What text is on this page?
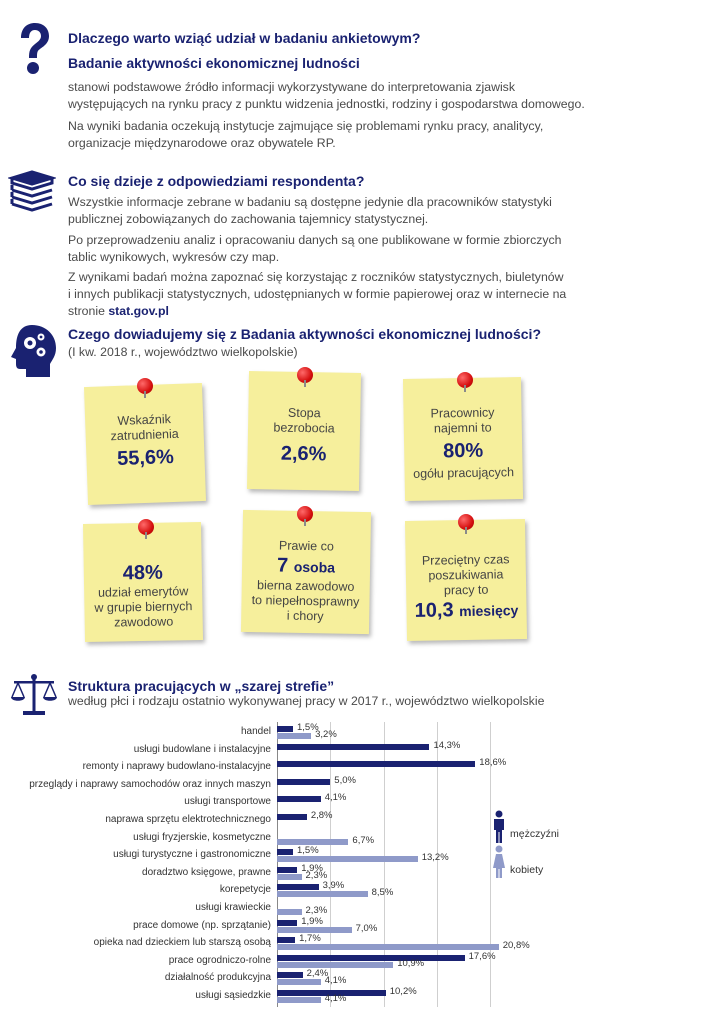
Dlaczego warto wziąć udział w badaniu ankietowym?
Badanie aktywności ekonomicznej ludności

stanowi podstawowe źródło informacji wykorzystywane do interpretowania zjawisk
występujących na rynku pracy z punktu widzenia jednostki, rodziny i gospodarstwa domowego.

Na wyniki badania oczekują instytucje zajmujące się problemami rynku pracy, analitycy,
organizacje międzynarodowe oraz obywatele RP.

Co się dzieje z odpowiedziami respondenta?

Wszystkie informacje zebrane w badaniu są dostępne jedynie dla pracowników statystyki
publicznej zobowiązanych do zachowania tajemnicy statystycznej.

Po przeprowadzeniu analiz i opracowaniu danych są one publikowane w formie zbiorczych
tablic wynikowych, wykresów czy map.

Z wynikami badań można zapoznać się korzystając z roczników statystycznych, biuletynów
i innych publikacji statystycznych, udostępnianych w formie papierowej oraz w internecie na
stronie stat.gov.pl

Czego dowiadujemy się z Badania aktywności ekonomicznej ludności?

(I kw. 2018 r., województwo wielkopolskie)

Wskaźnik
zatrudnienia
55,6%
Stopa
bezrobocia
2,6%
Pracownicy
najemni to
80%
ogółu pracujących
48%
udział emerytów
w grupie biernych
zawodowo
Prawie co
7 osoba
bierna zawodowo
to niepełnosprawny
i chory
Przeciętny czas
poszukiwania
pracy to
10,3 miesięcy
Struktura pracujących w „szarej strefie”

według płci i rodzaju ostatnio wykonywanej pracy w 2017 r., województwo wielkopolskie

handel	1,5%
3,2%
usługi budowlane i instalacyjne	14,3%
remonty i naprawy budowlano-instalacyjne	18,6%
przeglądy i naprawy samochodów oraz innych maszyn	5,0%
usługi transportowe	4,1%
naprawa sprzętu elektrotechnicznego	2,8%
usługi fryzjerskie, kosmetyczne	6,7%
usługi turystyczne i gastronomiczne	1,5%
13,2%
doradztwo księgowe, prawne	1,9%
2,3%
korepetycje	3,9%
8,5%
usługi krawieckie	2,3%
prace domowe (np. sprzątanie)	1,9%
7,0%
opieka nad dzieckiem lub starszą osobą	1,7%
20,8%
prace ogrodniczo-rolne	17,6%
10,9%
działalność produkcyjna	2,4%
4,1%
usługi sąsiedzkie	10,2%
4,1%
mężczyźni
kobiety
